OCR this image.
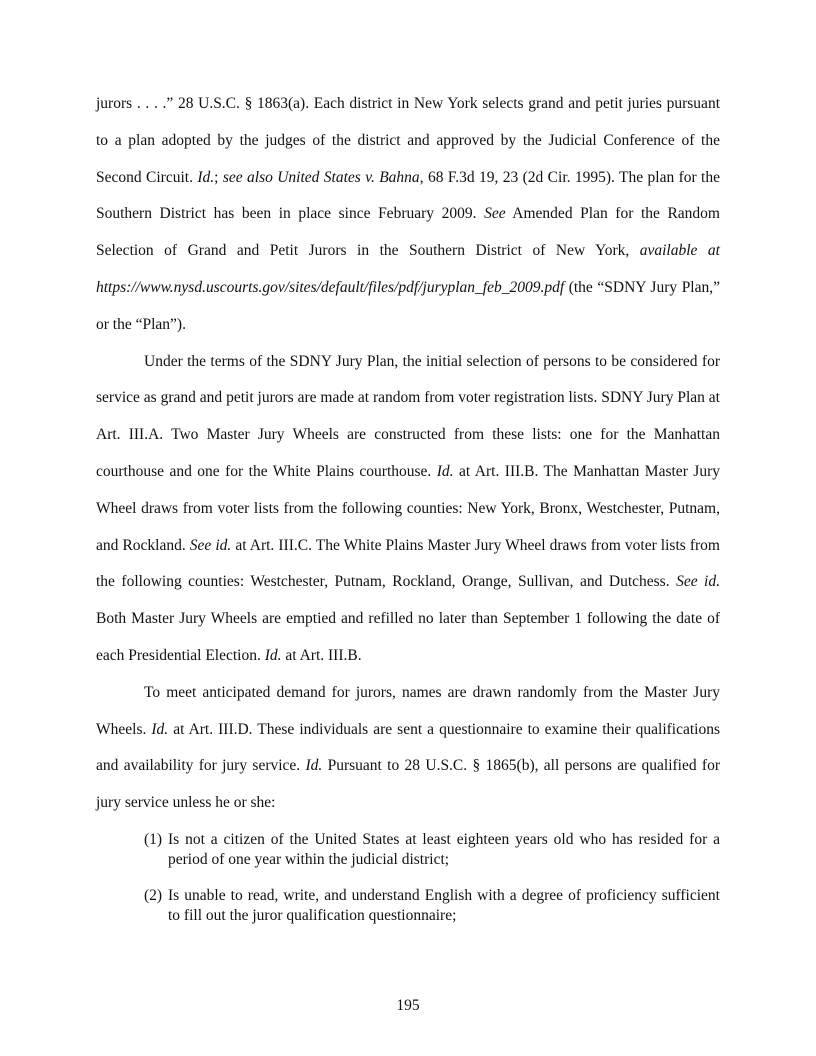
jurors . . . .” 28 U.S.C. § 1863(a). Each district in New York selects grand and petit juries pursuant to a plan adopted by the judges of the district and approved by the Judicial Conference of the Second Circuit. Id.; see also United States v. Bahna, 68 F.3d 19, 23 (2d Cir. 1995). The plan for the Southern District has been in place since February 2009. See Amended Plan for the Random Selection of Grand and Petit Jurors in the Southern District of New York, available at https://www.nysd.uscourts.gov/sites/default/files/pdf/juryplan_feb_2009.pdf (the “SDNY Jury Plan,” or the “Plan”).

Under the terms of the SDNY Jury Plan, the initial selection of persons to be considered for service as grand and petit jurors are made at random from voter registration lists. SDNY Jury Plan at Art. III.A. Two Master Jury Wheels are constructed from these lists: one for the Manhattan courthouse and one for the White Plains courthouse. Id. at Art. III.B. The Manhattan Master Jury Wheel draws from voter lists from the following counties: New York, Bronx, Westchester, Putnam, and Rockland. See id. at Art. III.C. The White Plains Master Jury Wheel draws from voter lists from the following counties: Westchester, Putnam, Rockland, Orange, Sullivan, and Dutchess. See id. Both Master Jury Wheels are emptied and refilled no later than September 1 following the date of each Presidential Election. Id. at Art. III.B.

To meet anticipated demand for jurors, names are drawn randomly from the Master Jury Wheels. Id. at Art. III.D. These individuals are sent a questionnaire to examine their qualifications and availability for jury service. Id. Pursuant to 28 U.S.C. § 1865(b), all persons are qualified for jury service unless he or she:

(1) Is not a citizen of the United States at least eighteen years old who has resided for a period of one year within the judicial district;
(2) Is unable to read, write, and understand English with a degree of proficiency sufficient to fill out the juror qualification questionnaire;
195
